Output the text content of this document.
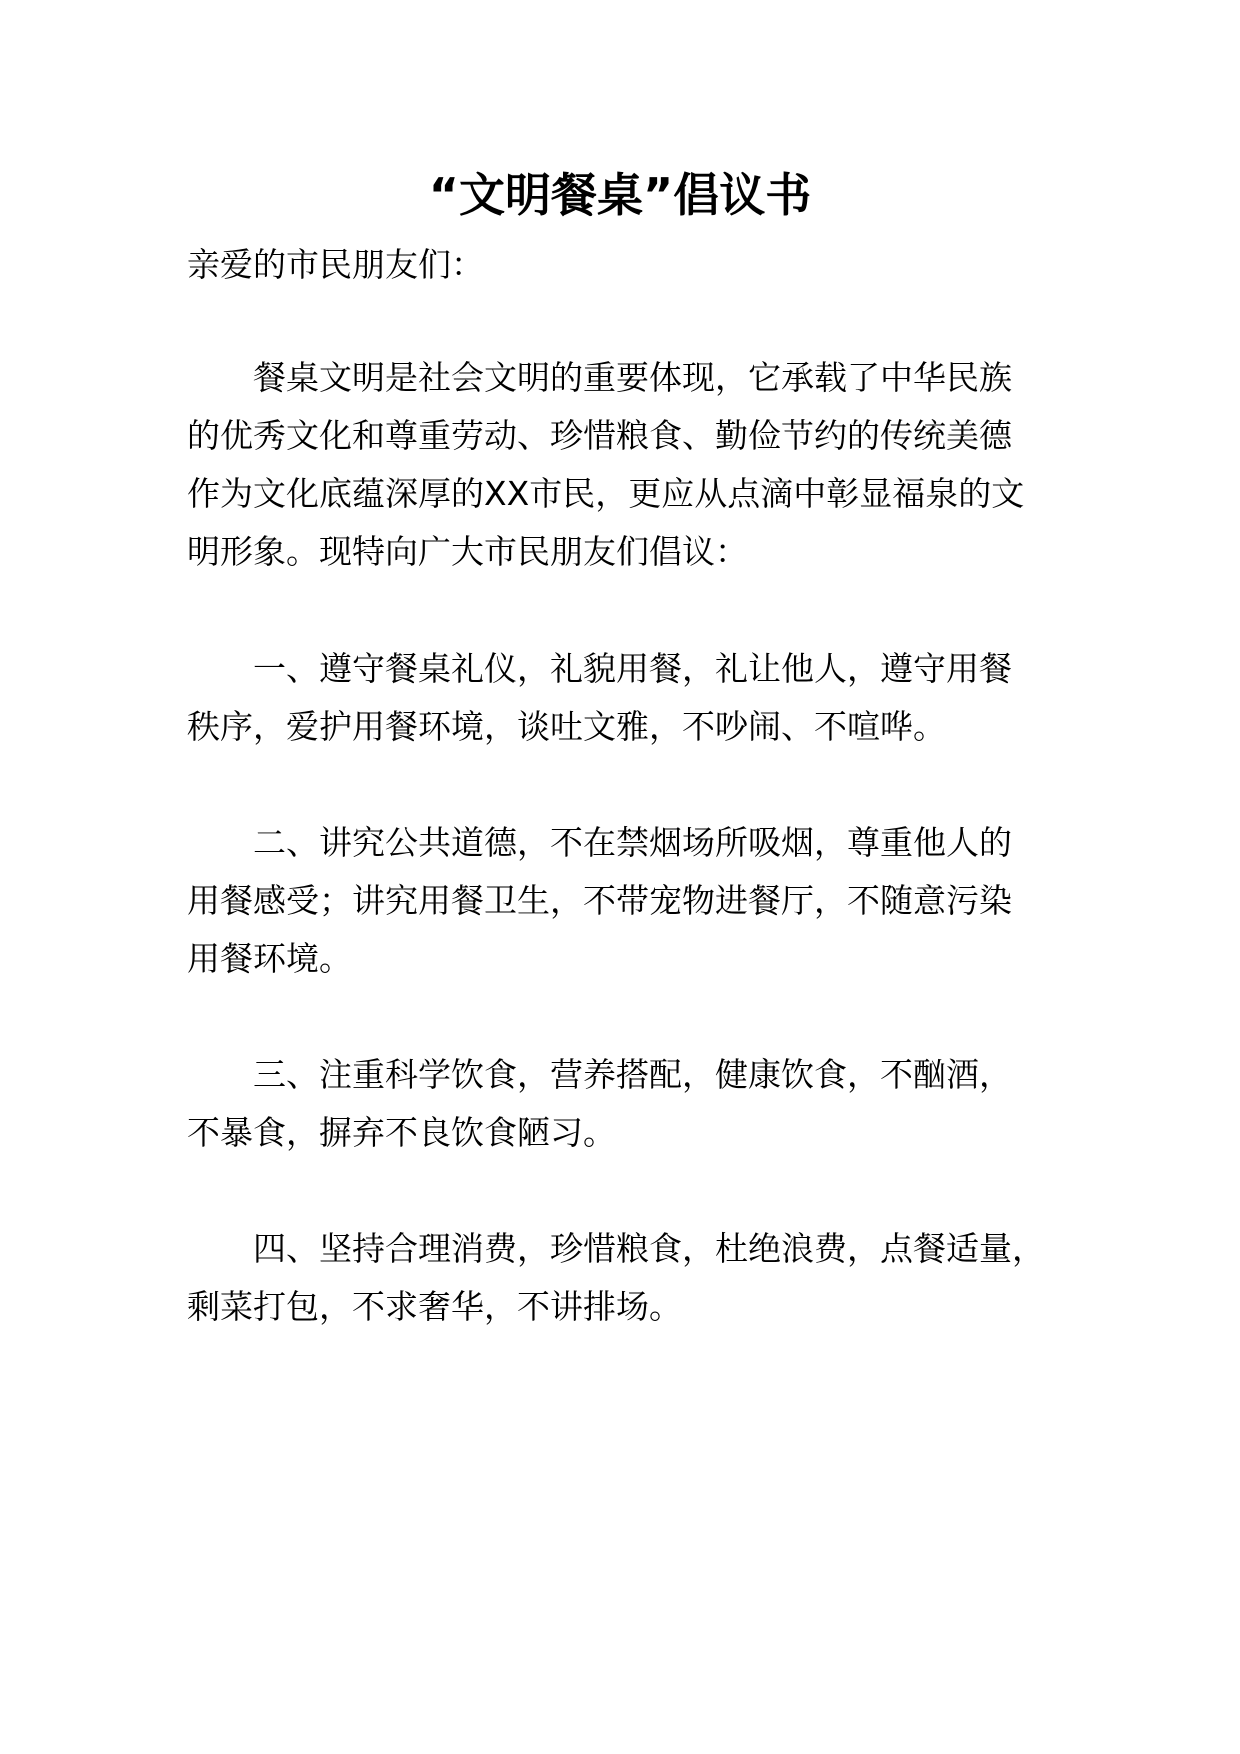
“文明餐桌”倡议书
亲爱的市民朋友们：
餐桌文明是社会文明的重要体现，它承载了中华民族
的优秀文化和尊重劳动、珍惜粮食、勤俭节约的传统美德
作为文化底蕴深厚的XX市民，更应从点滴中彰显福泉的文
明形象。现特向广大市民朋友们倡议：
一、遵守餐桌礼仪，礼貌用餐，礼让他人，遵守用餐
秩序，爱护用餐环境，谈吐文雅，不吵闹、不喧哗。
二、讲究公共道德，不在禁烟场所吸烟，尊重他人的
用餐感受；讲究用餐卫生，不带宠物进餐厅，不随意污染
用餐环境。
三、注重科学饮食，营养搭配，健康饮食，不酗酒，
不暴食，摒弃不良饮食陋习。
四、坚持合理消费，珍惜粮食，杜绝浪费，点餐适量，
剩菜打包，不求奢华，不讲排场。
